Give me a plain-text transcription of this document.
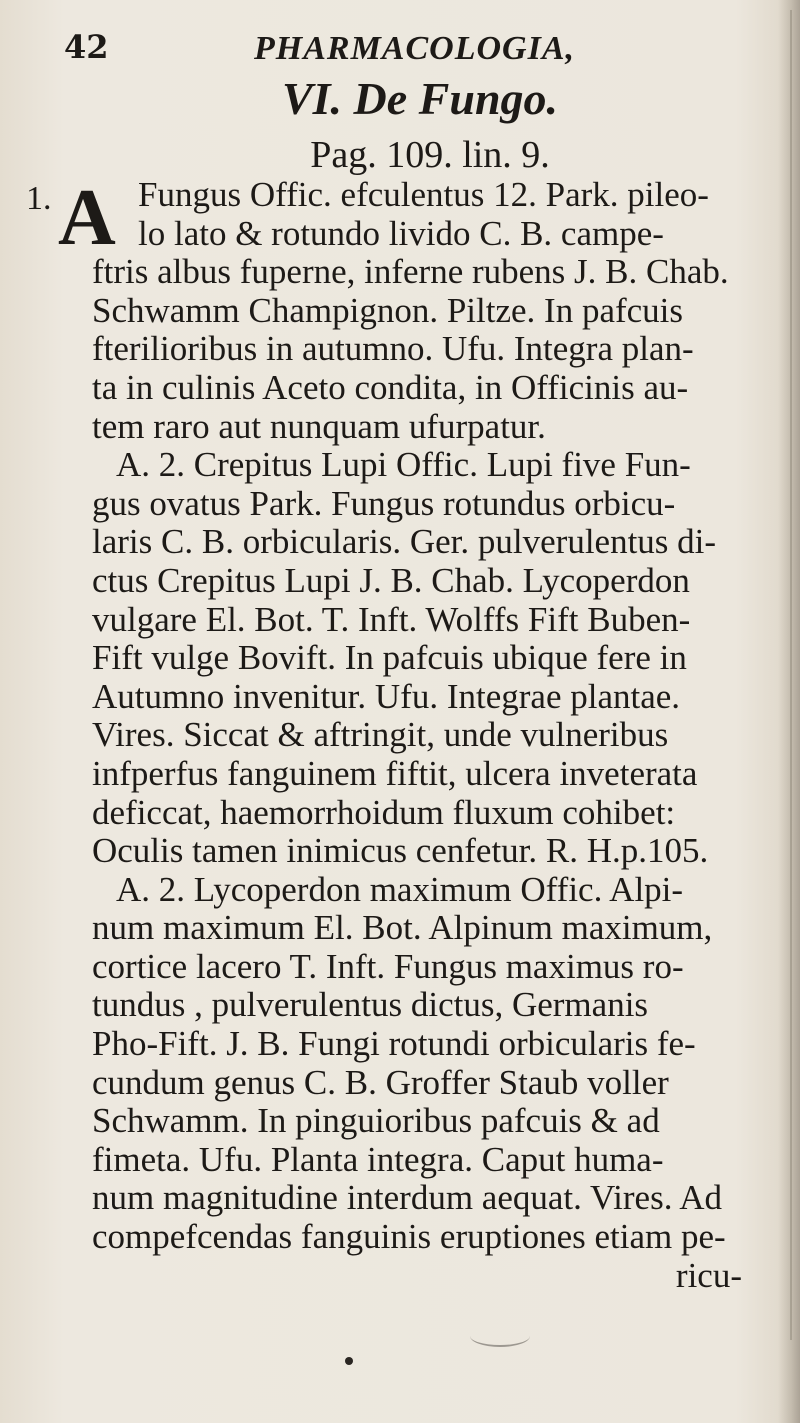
42	PHARMACOLOGIA,
VI. De Fungo.
Pag. 109. lin. 9.
1. A Fungus Offic. efculentus 12. Park. pileo-
lo lato & rotundo livido C. B. campe-
ftris albus fuperne, inferne rubens J. B. Chab.
Schwamm Champignon. Piltze. In pafcuis
fterilioribus in autumno. Ufu. Integra plan-
ta in culinis Aceto condita, in Officinis au-
tem raro aut nunquam ufurpatur.
A. 2. Crepitus Lupi Offic. Lupi five Fun-
gus ovatus Park. Fungus rotundus orbicu-
laris C. B. orbicularis. Ger. pulverulentus di-
ctus Crepitus Lupi J. B. Chab. Lycoperdon
vulgare El. Bot. T. Inft. Wolffs Fift Buben-
Fift vulge Bovift. In pafcuis ubique fere in
Autumno invenitur. Ufu. Integrae plantae.
Vires. Siccat & aftringit, unde vulneribus
infperfus fanguinem fiftit, ulcera inveterata
deficcat, haemorrhoidum fluxum cohibet:
Oculis tamen inimicus cenfetur. R. H.p.105.
A. 2. Lycoperdon maximum Offic. Alpi-
num maximum El. Bot. Alpinum maximum,
cortice lacero T. Inft. Fungus maximus ro-
tundus , pulverulentus dictus, Germanis
Pho-Fift. J. B. Fungi rotundi orbicularis fe-
cundum genus C. B. Groffer Staub voller
Schwamm. In pinguioribus pafcuis & ad
fimeta. Ufu. Planta integra. Caput huma-
num magnitudine interdum aequat. Vires. Ad
compefcendas fanguinis eruptiones etiam pe-
ricu-
